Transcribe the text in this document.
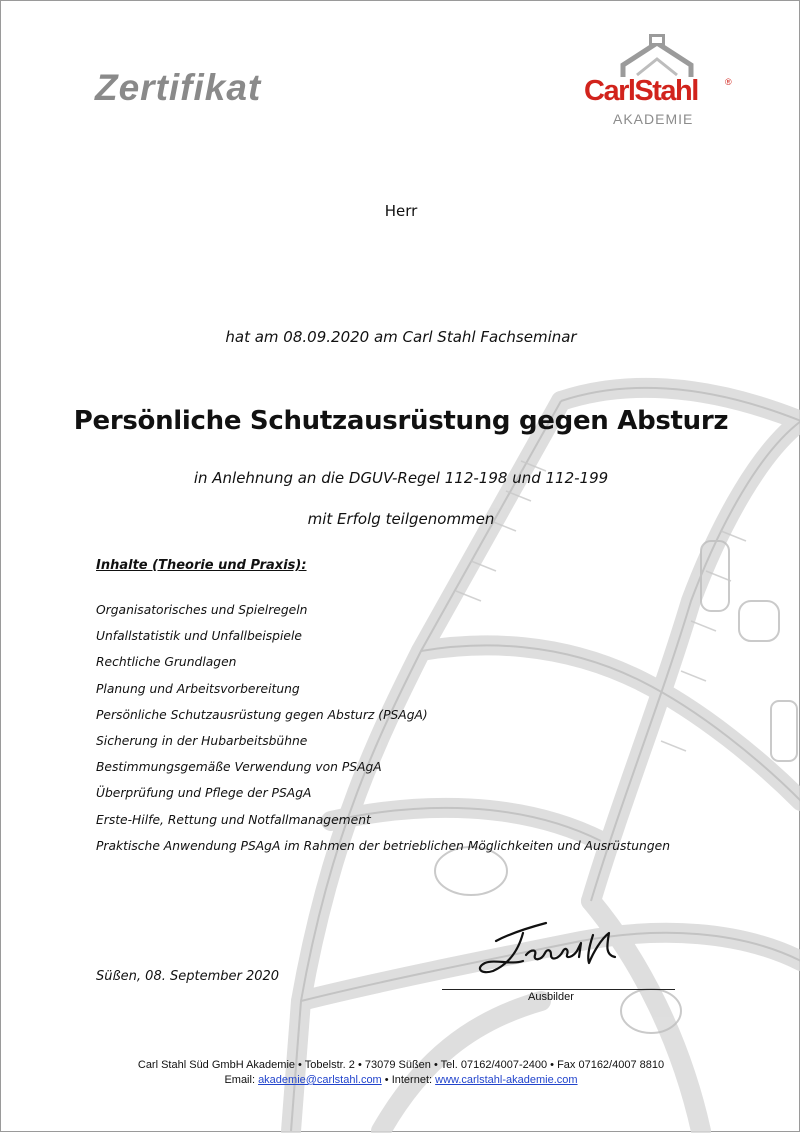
Zertifikat	CarlStahl	®
AKADEMIE
Herr
hat am 08.09.2020 am Carl Stahl Fachseminar
Persönliche Schutzausrüstung gegen Absturz
in Anlehnung an die DGUV-Regel 112-198 und 112-199
mit Erfolg teilgenommen
Inhalte (Theorie und Praxis):
Organisatorisches und Spielregeln
Unfallstatistik und Unfallbeispiele
Rechtliche Grundlagen
Planung und Arbeitsvorbereitung
Persönliche Schutzausrüstung gegen Absturz (PSAgA)
Sicherung in der Hubarbeitsbühne
Bestimmungsgemäße Verwendung von PSAgA
Überprüfung und Pflege der PSAgA
Erste-Hilfe, Rettung und Notfallmanagement
Praktische Anwendung PSAgA im Rahmen der betrieblichen Möglichkeiten und Ausrüstungen
Süßen, 08. September 2020
Ausbilder
Carl Stahl Süd GmbH Akademie • Tobelstr. 2 • 73079 Süßen • Tel. 07162/4007-2400 • Fax 07162/4007 8810
Email: akademie@carlstahl.com • Internet: www.carlstahl-akademie.com
